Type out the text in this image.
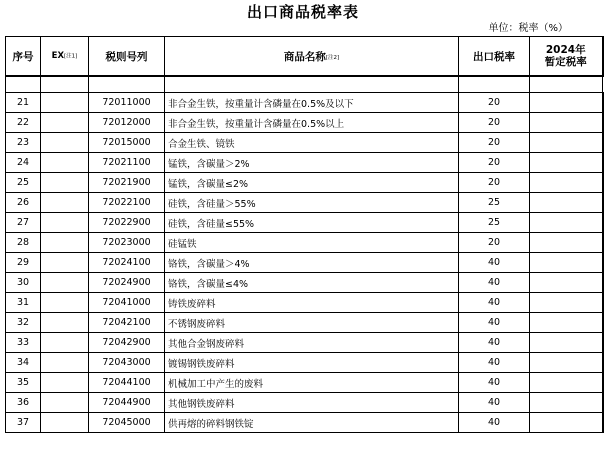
出口商品税率表
单位：税率（%）
序号	EX[注1]	税则号列	商品名称[注2]	出口税率	2024年
暂定税率

21		72011000	非合金生铁，按重量计含磷量在0.5%及以下	20	
22		72012000	非合金生铁，按重量计含磷量在0.5%以上	20	
23		72015000	合金生铁、镜铁	20	
24		72021100	锰铁，含碳量＞2%	20	
25		72021900	锰铁，含碳量≤2%	20	
26		72022100	硅铁，含硅量＞55%	25	
27		72022900	硅铁，含硅量≤55%	25	
28		72023000	硅锰铁	20	
29		72024100	铬铁，含碳量＞4%	40	
30		72024900	铬铁，含碳量≤4%	40	
31		72041000	铸铁废碎料	40	
32		72042100	不锈钢废碎料	40	
33		72042900	其他合金钢废碎料	40	
34		72043000	镀锡钢铁废碎料	40	
35		72044100	机械加工中产生的废料	40	
36		72044900	其他钢铁废碎料	40	
37		72045000	供再熔的碎料钢铁锭	40	
